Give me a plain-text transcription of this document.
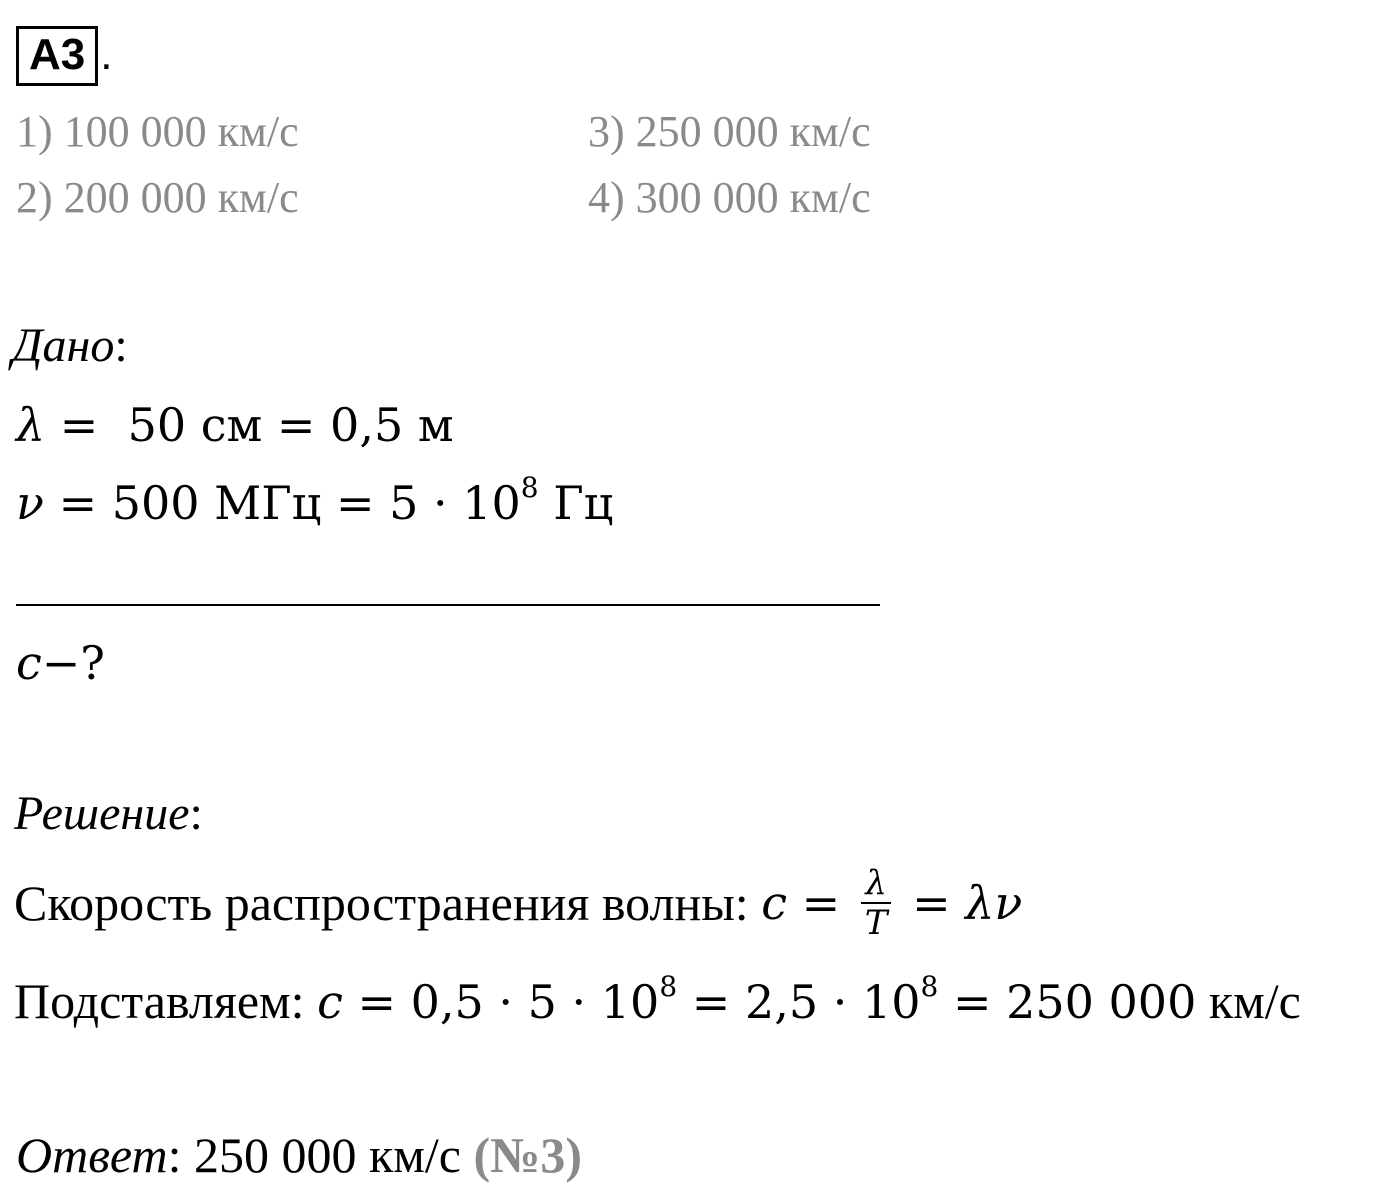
А3 .
1) 100 000 км/с
2) 200 000 км/с
3) 250 000 км/с
4) 300 000 км/с
Дано:
λ =  50 см = 0,5 м
ν = 500 МГц = $5 \cdot 10^8$ Гц
c−?
Решение:
Скорость распространения волны: $c = \frac{\lambda}{T} = \lambda\nu$
Подставляем: $c = 0,5 \cdot 5 \cdot 10^8 = 2,5 \cdot 10^8 = 250$ 000 км/с
Ответ: 250 000 км/с (№3)
